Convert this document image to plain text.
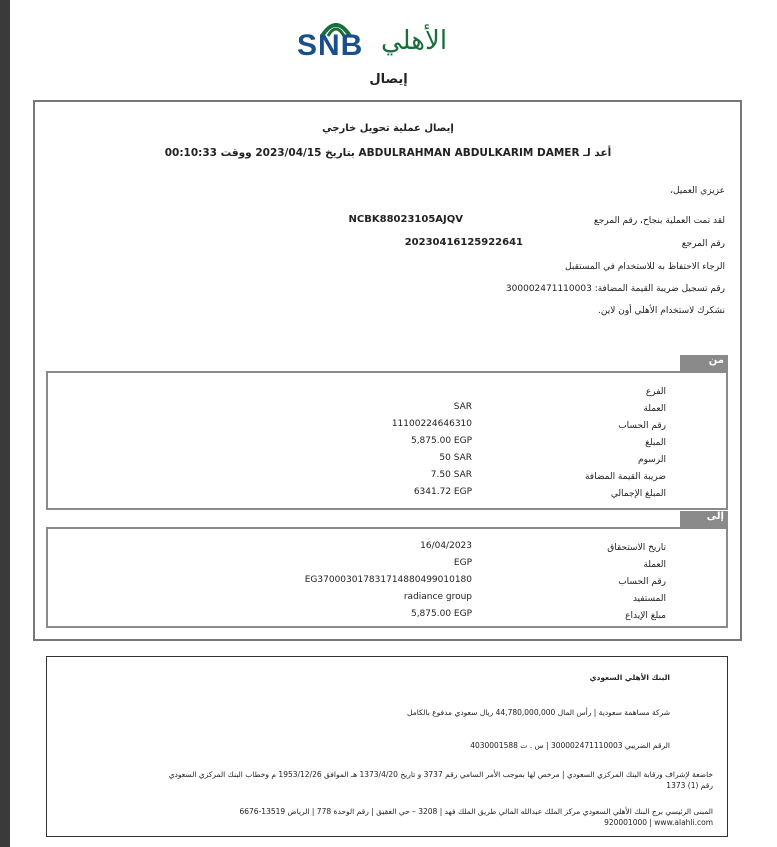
SNB الأهلي
إيصال
إيصال عملية تحويل خارجي
أعد لـ ABDULRAHMAN ABDULKARIM DAMER بتاريخ 2023/04/15 ووقت 00:10:33
عزيزي العميل،
لقد تمت العملية بنجاح، رقم المرجع
NCBK88023105AJQV
رقم المرجع
20230416125922641
الرجاء الاحتفاظ به للاستخدام في المستقبل
رقم تسجيل ضريبة القيمة المضافة: 300002471110003
نشكرك لاستخدام الأهلي أون لاين.
من
الفرع
العملة
SAR
رقم الحساب
11100224646310
المبلغ
5,875.00 EGP
الرسوم
50 SAR
ضريبة القيمة المضافة
7.50 SAR
المبلغ الإجمالي
6341.72 EGP
إلى
تاريخ الاستحقاق
16/04/2023
العملة
EGP
رقم الحساب
EG370003017831714880499010180
المستفيد
radiance group
مبلغ الإيداع
5,875.00 EGP
البنك الأهلي السعودي
شركة مساهمة سعودية | رأس المال 44,780,000,000 ريال سعودي مدفوع بالكامل
الرقم الضريبي 300002471110003 | س . ت 4030001588
خاضعة لإشراف ورقابة البنك المركزي السعودي | مرخص لها بموجب الأمر السامي رقم 3737 و تاريخ 1373/4/20 هـ الموافق 1953/12/26 م وخطاب البنك المركزي السعودي
رقم (1) 1373
المبنى الرئيسي برج البنك الأهلي السعودي مركز الملك عبدالله المالي طريق الملك فهد | 3208 – حي العقيق | رقم الوحدة 778 | الرياض 13519-6676
920001000 | www.alahli.com
